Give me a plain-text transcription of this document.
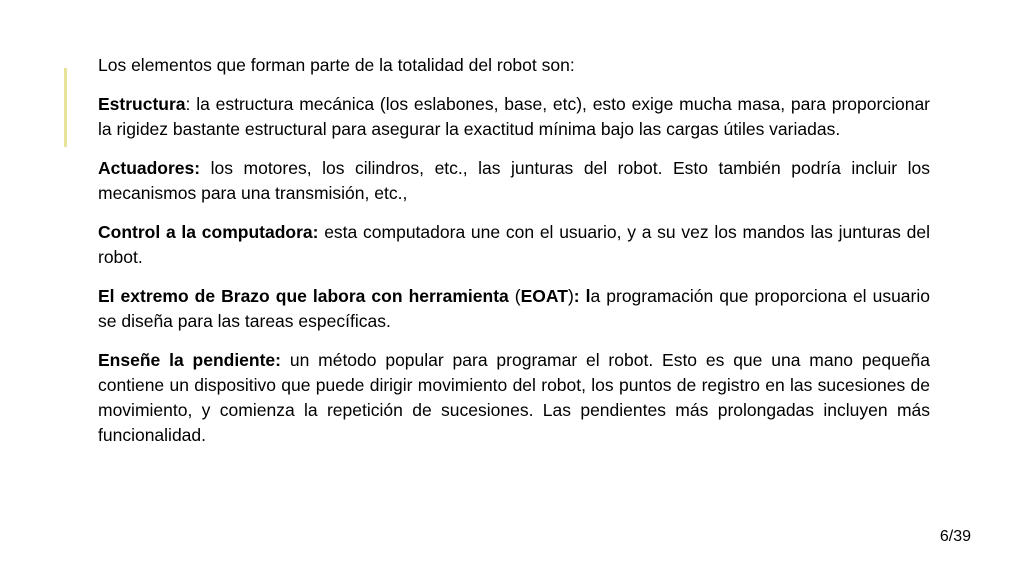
Los elementos que forman parte de la totalidad del robot son:

Estructura: la estructura mecánica (los eslabones, base, etc), esto exige mucha masa, para proporcionar la rigidez bastante estructural para asegurar la exactitud mínima bajo las cargas útiles variadas.

Actuadores: los motores, los cilindros, etc., las junturas del robot. Esto también podría incluir los mecanismos para una transmisión, etc.,

Control a la computadora: esta computadora une con el usuario, y a su vez los mandos las junturas del robot.

El extremo de Brazo que labora con herramienta (EOAT): la programación que proporciona el usuario se diseña para las tareas específicas.

Enseñe la pendiente: un método popular para programar el robot. Esto es que una mano pequeña contiene un dispositivo que puede dirigir movimiento del robot, los puntos de registro en las sucesiones de movimiento, y comienza la repetición de sucesiones. Las pendientes más prolongadas incluyen más funcionalidad.

6/39
